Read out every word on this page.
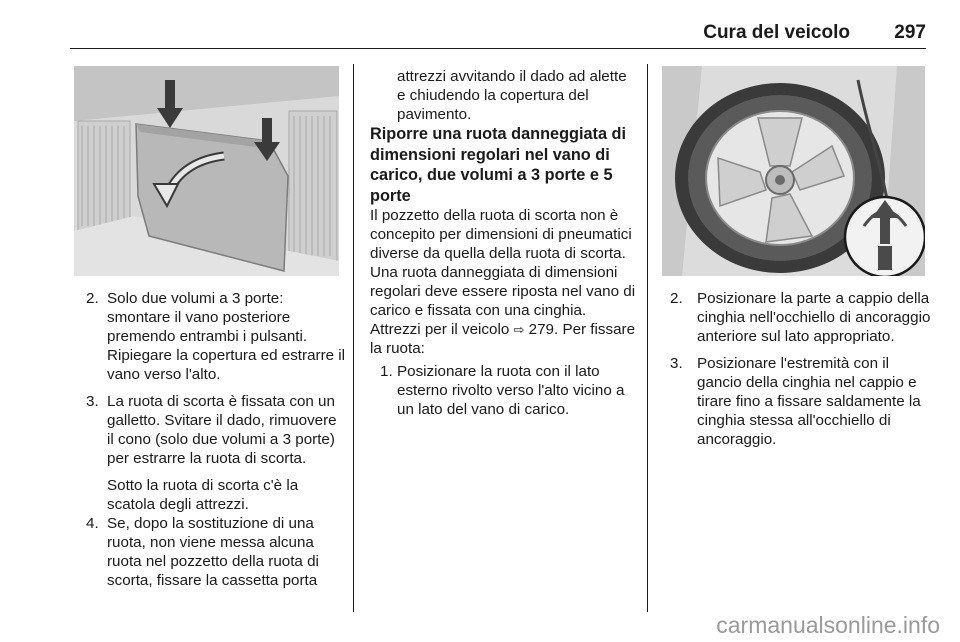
Cura del veicolo	297
2. Solo due volumi a 3 porte: smontare il vano posteriore premendo entrambi i pulsanti. Ripiegare la copertura ed estrarre il vano verso l'alto.

3. La ruota di scorta è fissata con un galletto. Svitare il dado, rimuovere il cono (solo due volumi a 3 porte) per estrarre la ruota di scorta.

Sotto la ruota di scorta c'è la scatola degli attrezzi.

4. Se, dopo la sostituzione di una ruota, non viene messa alcuna ruota nel pozzetto della ruota di scorta, fissare la cassetta porta

attrezzi avvitando il dado ad alette e chiudendo la copertura del pavimento.

Riporre una ruota danneggiata di dimensioni regolari nel vano di carico, due volumi a 3 porte e 5 porte

Il pozzetto della ruota di scorta non è concepito per dimensioni di pneumatici diverse da quella della ruota di scorta. Una ruota danneggiata di dimensioni regolari deve essere riposta nel vano di carico e fissata con una cinghia. Attrezzi per il veicolo ⇨ 279. Per fissare la ruota:

1. Posizionare la ruota con il lato esterno rivolto verso l'alto vicino a un lato del vano di carico.

2. Posizionare la parte a cappio della cinghia nell'occhiello di ancoraggio anteriore sul lato appropriato.

3. Posizionare l'estremità con il gancio della cinghia nel cappio e tirare fino a fissare saldamente la cinghia stessa all'occhiello di ancoraggio.

carmanualsonline.info
